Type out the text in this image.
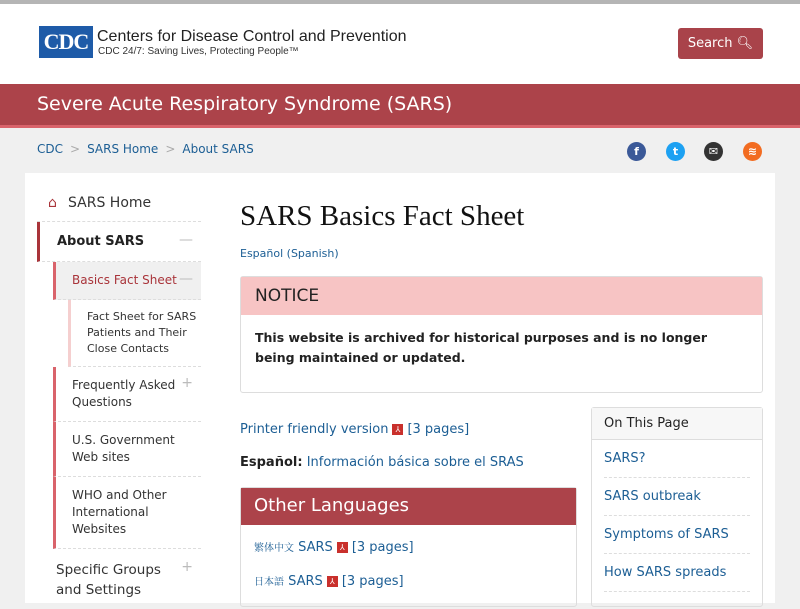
CDC Centers for Disease Control and Prevention
CDC 24/7: Saving Lives, Protecting People™
Search 🔍︎
Severe Acute Respiratory Syndrome (SARS)
CDC > SARS Home > About SARS	f	t	✉	≋
⌂ SARS Home
About SARS —
Basics Fact Sheet —
Fact Sheet for SARS Patients and Their Close Contacts
Frequently Asked Questions
+
U.S. Government Web sites
WHO and Other International Websites
Specific Groups and Settings
+
SARS Basics Fact Sheet
Español (Spanish)
NOTICE
This website is archived for historical purposes and is no longer being maintained or updated.
Printer friendly version ⅄ [3 pages]
Español: Información básica sobre el SRAS
Other Languages
繁体中文 SARS ⅄ [3 pages]
日本語 SARS ⅄ [3 pages]
On This Page
SARS?
SARS outbreak
Symptoms of SARS
How SARS spreads
